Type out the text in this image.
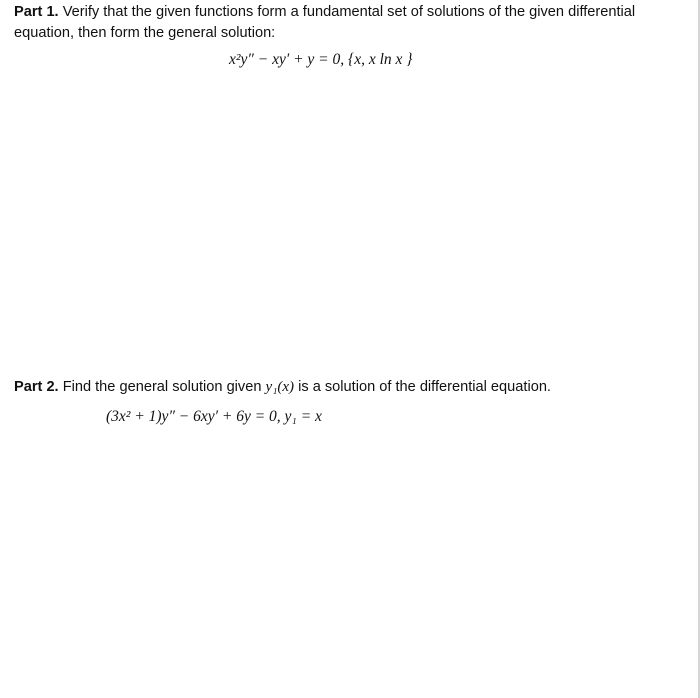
Part 1. Verify that the given functions form a fundamental set of solutions of the given differential equation, then form the general solution:
x²y″ − xy′ + y = 0, {x, x ln x }
Part 2. Find the general solution given y₁(x) is a solution of the differential equation.
(3x² + 1)y″ − 6xy′ + 6y = 0, y₁ = x
